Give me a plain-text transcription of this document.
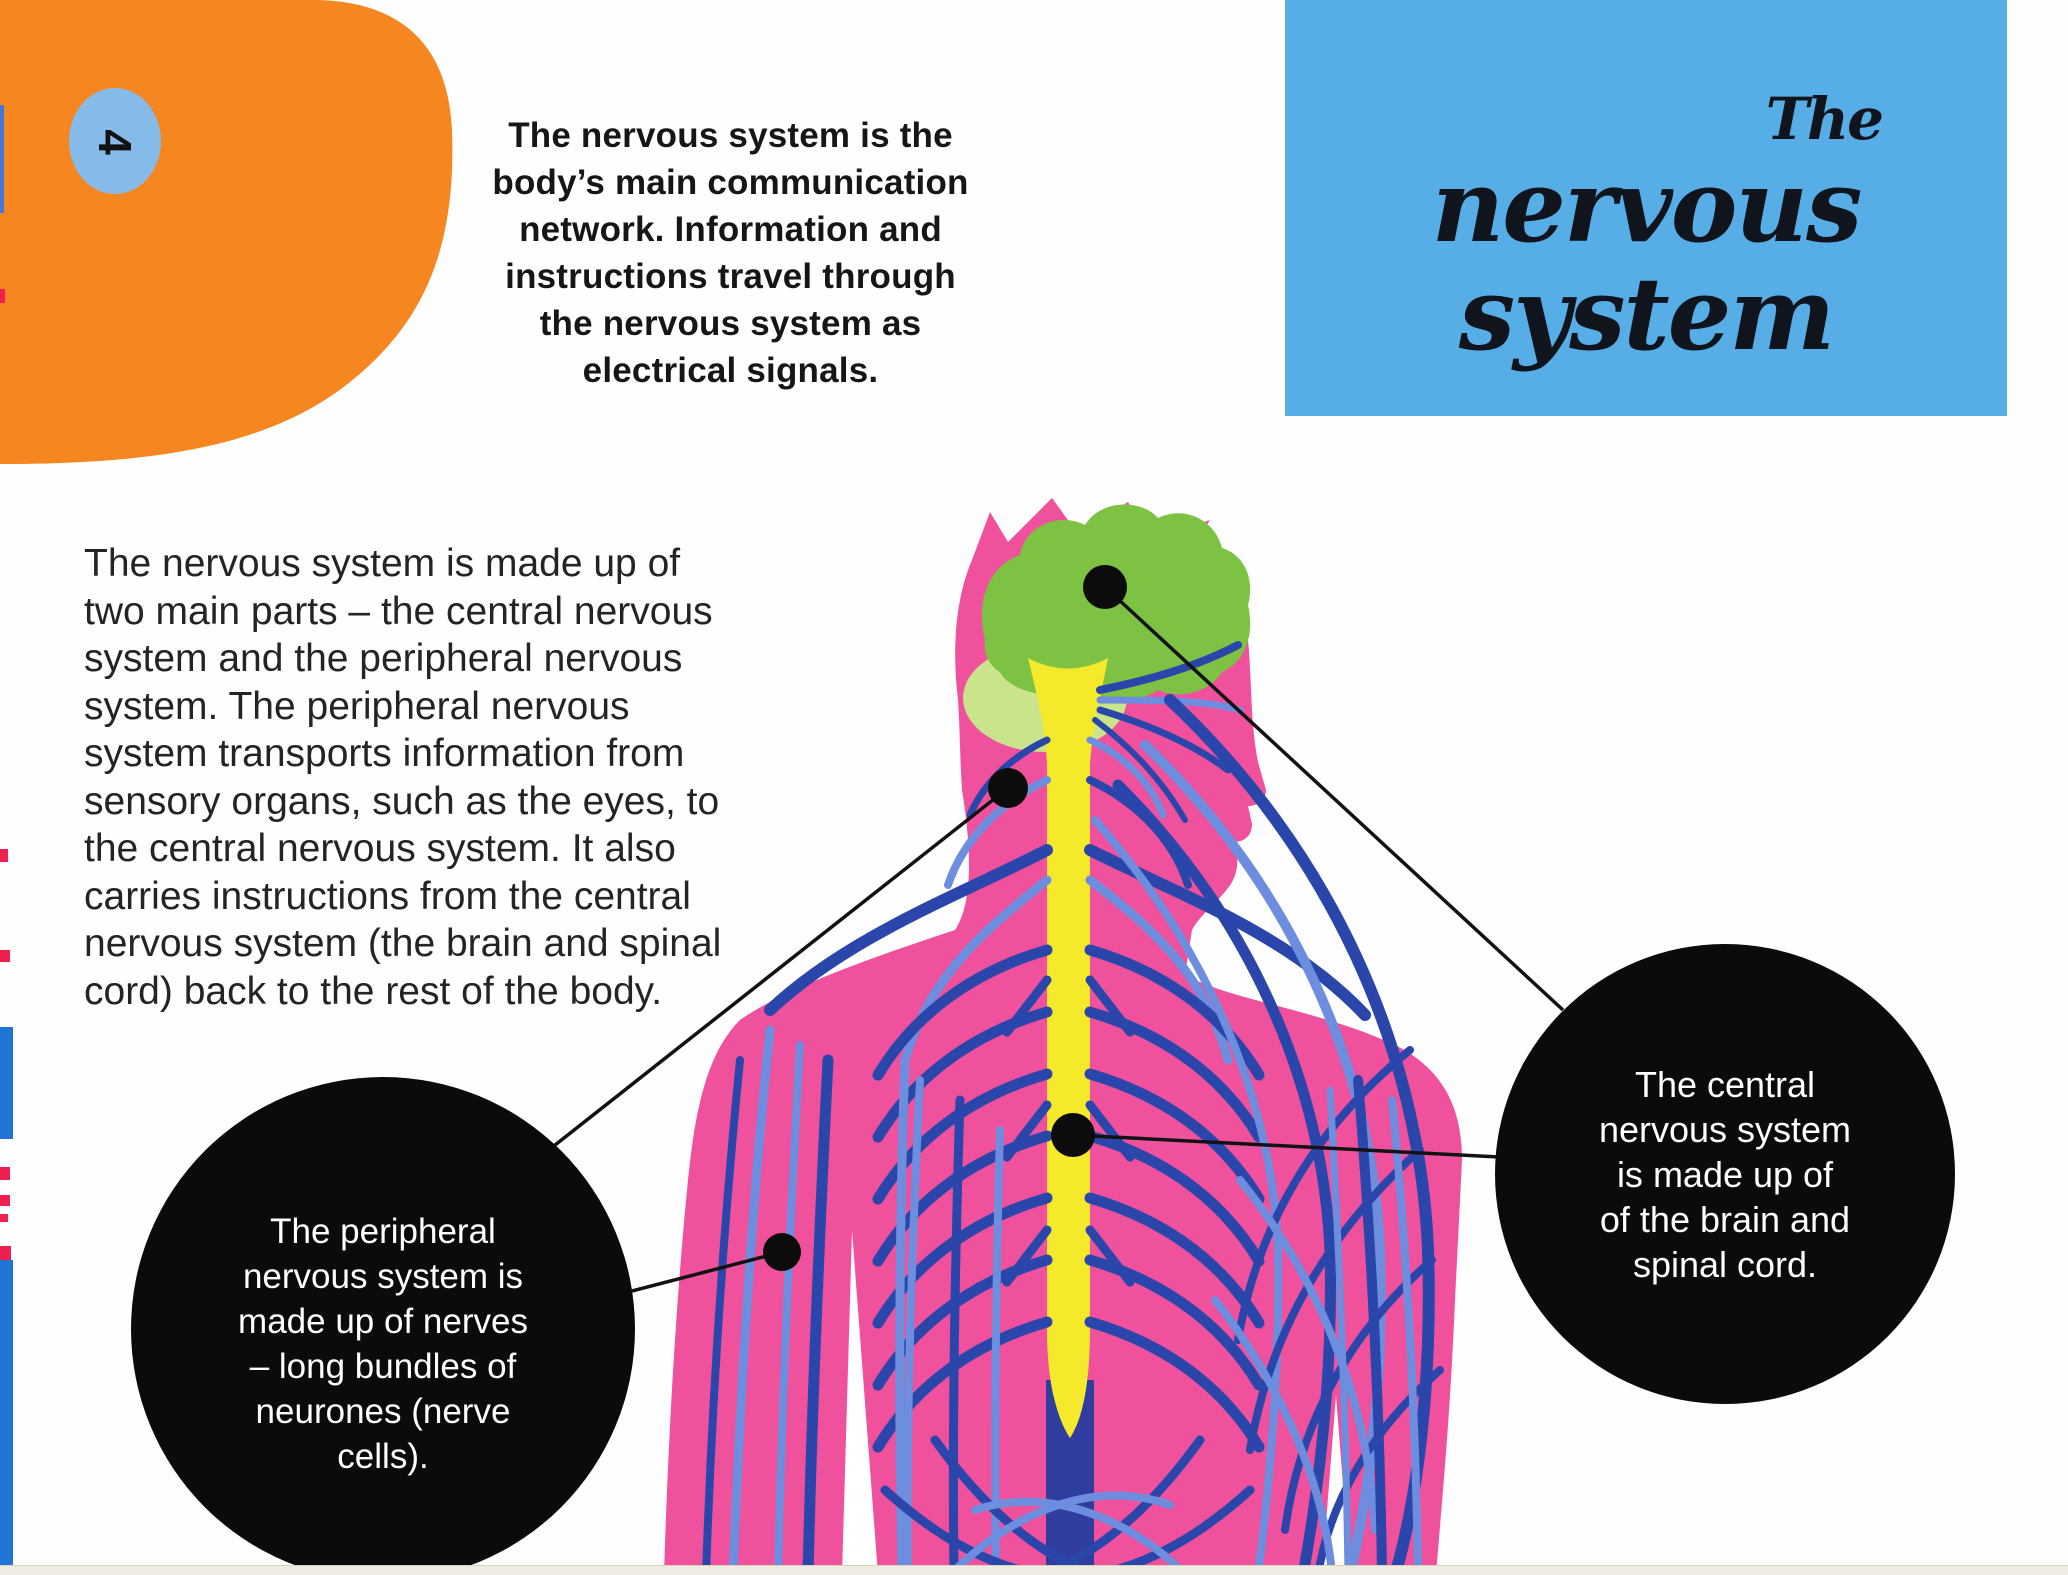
4	The nervous system is the
body’s main communication
network. Information and
instructions travel through
the nervous system as
electrical signals.
The
nervous
system
The nervous system is made up of
two main parts – the central nervous
system and the peripheral nervous
system. The peripheral nervous
system transports information from
sensory organs, such as the eyes, to
the central nervous system. It also
carries instructions from the central
nervous system (the brain and spinal
cord) back to the rest of the body.
The peripheral
nervous system is
made up of nerves
– long bundles of
neurones (nerve
cells).
The central
nervous system
is made up of
of the brain and
spinal cord.
